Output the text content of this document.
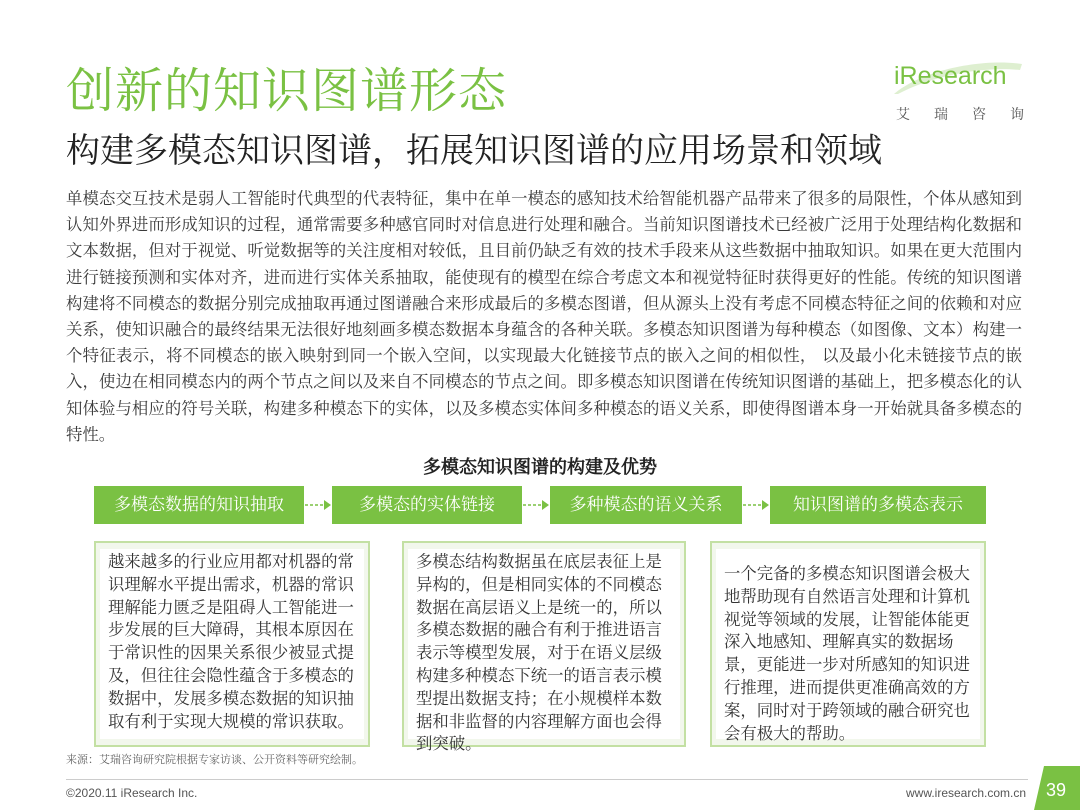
创新的知识图谱形态	iResearch
艾 瑞 咨 询
构建多模态知识图谱，拓展知识图谱的应用场景和领域

单模态交互技术是弱人工智能时代典型的代表特征，集中在单一模态的感知技术给智能机器产品带来了很多的局限性，个体从感知到认知外界进而形成知识的过程，通常需要多种感官同时对信息进行处理和融合。当前知识图谱技术已经被广泛用于处理结构化数据和文本数据，但对于视觉、听觉数据等的关注度相对较低，且目前仍缺乏有效的技术手段来从这些数据中抽取知识。如果在更大范围内进行链接预测和实体对齐，进而进行实体关系抽取，能使现有的模型在综合考虑文本和视觉特征时获得更好的性能。传统的知识图谱构建将不同模态的数据分别完成抽取再通过图谱融合来形成最后的多模态图谱，但从源头上没有考虑不同模态特征之间的依赖和对应关系，使知识融合的最终结果无法很好地刻画多模态数据本身蕴含的各种关联。多模态知识图谱为每种模态（如图像、文本）构建一个特征表示，将不同模态的嵌入映射到同一个嵌入空间，以实现最大化链接节点的嵌入之间的相似性， 以及最小化未链接节点的嵌入，使边在相同模态内的两个节点之间以及来自不同模态的节点之间。即多模态知识图谱在传统知识图谱的基础上，把多模态化的认知体验与相应的符号关联，构建多种模态下的实体，以及多模态实体间多种模态的语义关系，即使得图谱本身一开始就具备多模态的特性。

多模态知识图谱的构建及优势
多模态数据的知识抽取	多模态的实体链接	多种模态的语义关系	知识图谱的多模态表示
越来越多的行业应用都对机器的常识理解水平提出需求，机器的常识理解能力匮乏是阻碍人工智能进一步发展的巨大障碍，其根本原因在于常识性的因果关系很少被显式提及，但往往会隐性蕴含于多模态的数据中，发展多模态数据的知识抽取有利于实现大规模的常识获取。
多模态结构数据虽在底层表征上是异构的，但是相同实体的不同模态数据在高层语义上是统一的，所以多模态数据的融合有利于推进语言表示等模型发展，对于在语义层级构建多种模态下统一的语言表示模型提出数据支持；在小规模样本数据和非监督的内容理解方面也会得到突破。
一个完备的多模态知识图谱会极大地帮助现有自然语言处理和计算机视觉等领域的发展，让智能体能更深入地感知、理解真实的数据场景，更能进一步对所感知的知识进行推理，进而提供更准确高效的方案，同时对于跨领域的融合研究也会有极大的帮助。
来源：艾瑞咨询研究院根据专家访谈、公开资料等研究绘制。
©2020.11 iResearch Inc.	www.iresearch.com.cn 39
